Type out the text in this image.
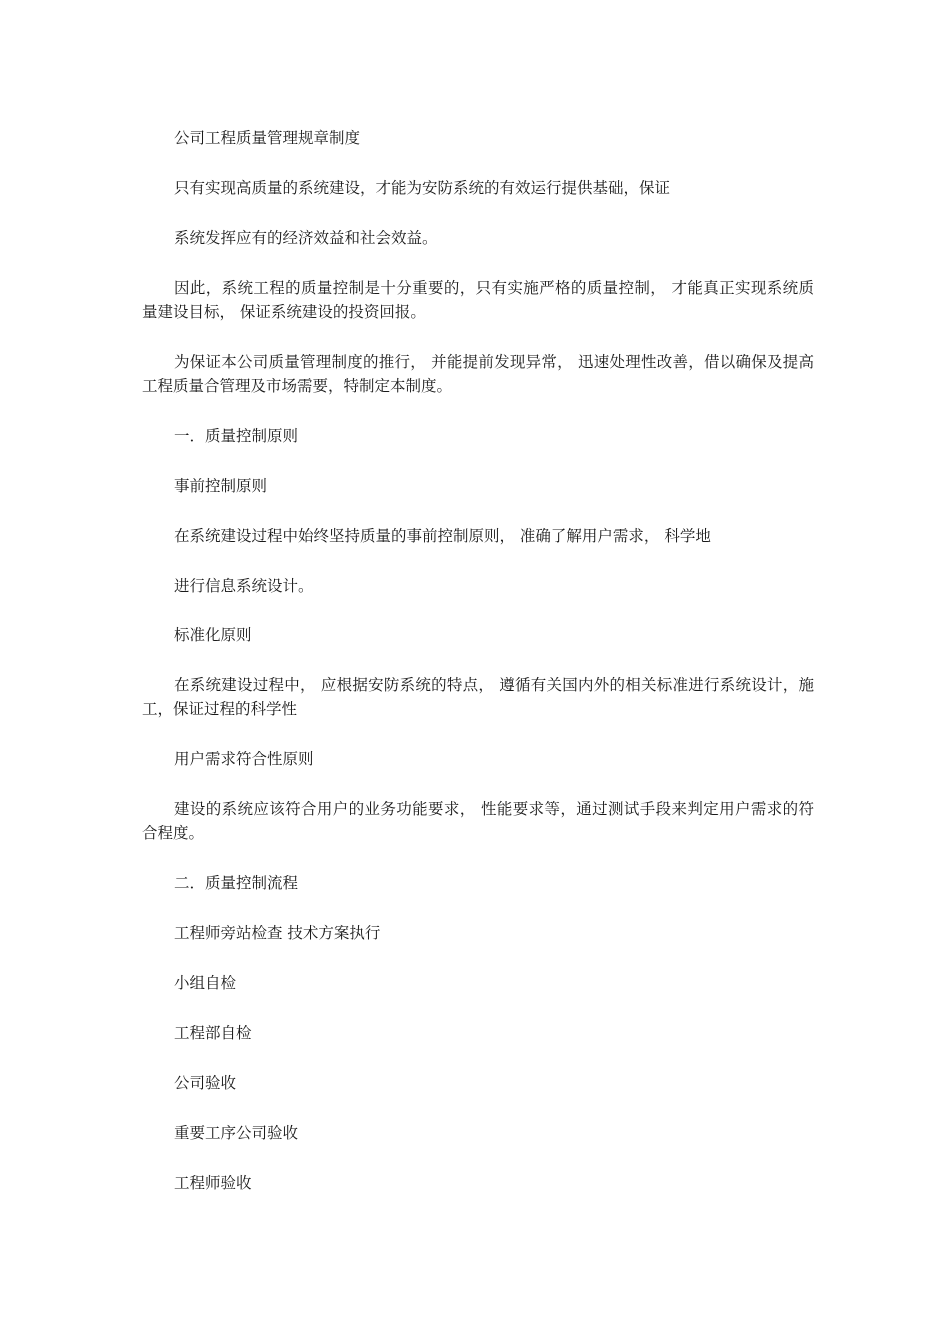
公司工程质量管理规章制度
只有实现高质量的系统建设，才能为安防系统的有效运行提供基础，保证
系统发挥应有的经济效益和社会效益。
因此，系统工程的质量控制是十分重要的，只有实施严格的质量控制， 才能真正实现系统质量建设目标， 保证系统建设的投资回报。
为保证本公司质量管理制度的推行， 并能提前发现异常， 迅速处理性改善，借以确保及提高工程质量合管理及市场需要，特制定本制度。
一．质量控制原则
事前控制原则
在系统建设过程中始终坚持质量的事前控制原则， 准确了解用户需求， 科学地
进行信息系统设计。
标准化原则
在系统建设过程中， 应根据安防系统的特点， 遵循有关国内外的相关标准进行系统设计，施工，保证过程的科学性
用户需求符合性原则
建设的系统应该符合用户的业务功能要求， 性能要求等，通过测试手段来判定用户需求的符合程度。
二．质量控制流程
工程师旁站检查 技术方案执行
小组自检
工程部自检
公司验收
重要工序公司验收
工程师验收
